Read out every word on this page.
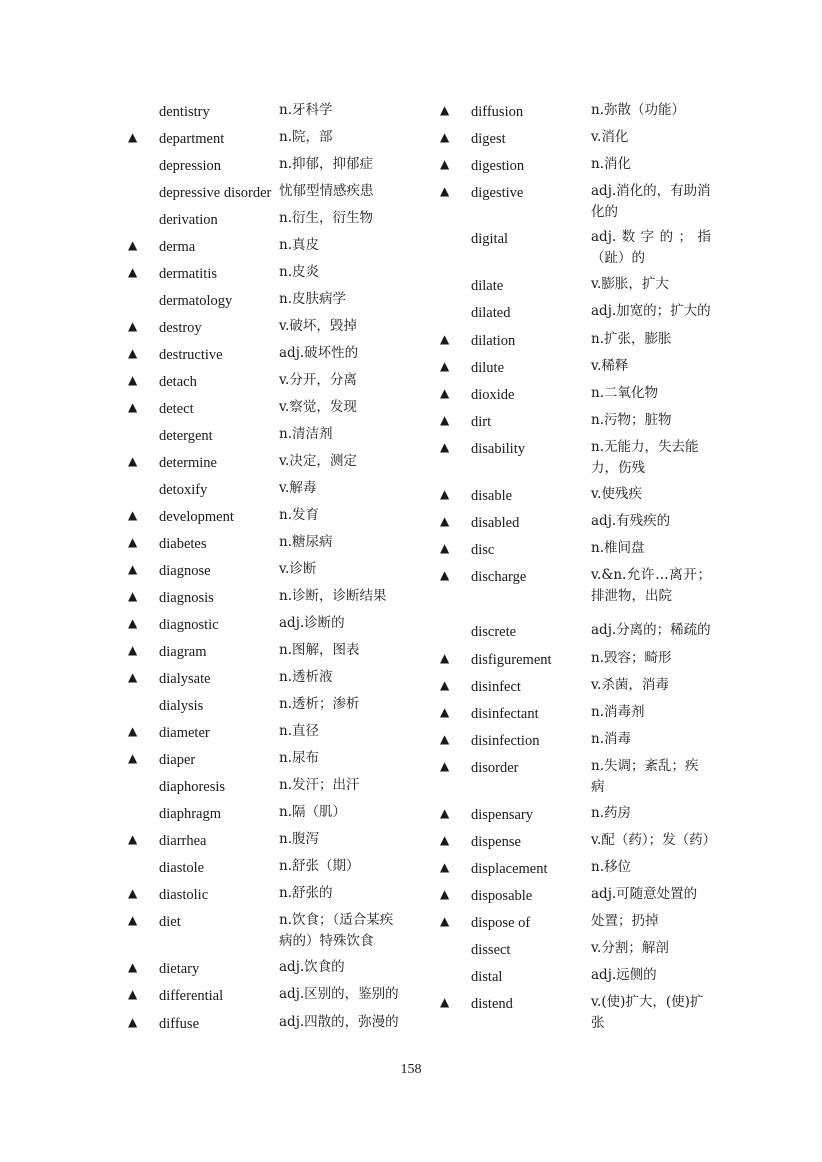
dentistry	n.牙科学
▲	department	n.院，部
depression	n.抑郁，抑郁症
depressive disorder 忧郁型情感疾患
derivation	n.衍生，衍生物
▲	derma	n.真皮
▲	dermatitis	n.皮炎
dermatology	n.皮肤病学
▲	destroy	v.破坏，毁掉
▲	destructive	adj.破坏性的
▲	detach	v.分开，分离
▲	detect	v.察觉，发现
detergent	n.清洁剂
▲	determine	v.决定，测定
detoxify	v.解毒
▲	development	n.发育
▲	diabetes	n.糖尿病
▲	diagnose	v.诊断
▲	diagnosis	n.诊断，诊断结果
▲	diagnostic	adj.诊断的
▲	diagram	n.图解，图表
▲	dialysate	n.透析液
dialysis	n.透析；渗析
▲	diameter	n.直径
▲	diaper	n.尿布
diaphoresis	n.发汗；出汗
diaphragm	n.隔（肌）
▲	diarrhea	n.腹泻
diastole	n.舒张（期）
▲	diastolic	n.舒张的
▲	diet	n.饮食；（适合某疾病的）特殊饮食
▲	dietary	adj.饮食的
▲	differential	adj.区别的，鉴别的
▲	diffuse	adj.四散的，弥漫的
▲	diffusion	n.弥散（功能）
▲	digest	v.消化
▲	digestion	n.消化
▲	digestive	adj.消化的，有助消化的
digital	adj.数字的；指（趾）的
dilate	v.膨胀，扩大
dilated	adj.加宽的；扩大的
▲	dilation	n.扩张，膨胀
▲	dilute	v.稀释
▲	dioxide	n.二氧化物
▲	dirt	n.污物；脏物
▲	disability	n.无能力，失去能力，伤残
▲	disable	v.使残疾
▲	disabled	adj.有残疾的
▲	disc	n.椎间盘
▲	discharge	v.&n.允许…离开；排泄物，出院
discrete	adj.分离的；稀疏的
▲	disfigurement	n.毁容；畸形
▲	disinfect	v.杀菌，消毒
▲	disinfectant	n.消毒剂
▲	disinfection	n.消毒
▲	disorder	n.失调；紊乱；疾病
▲	dispensary	n.药房
▲	dispense	v.配（药）；发（药）
▲	displacement	n.移位
▲	disposable	adj.可随意处置的
▲	dispose of	处置；扔掉
dissect	v.分割；解剖
distal	adj.远侧的
▲	distend	v.(使)扩大，(使)扩张
158
